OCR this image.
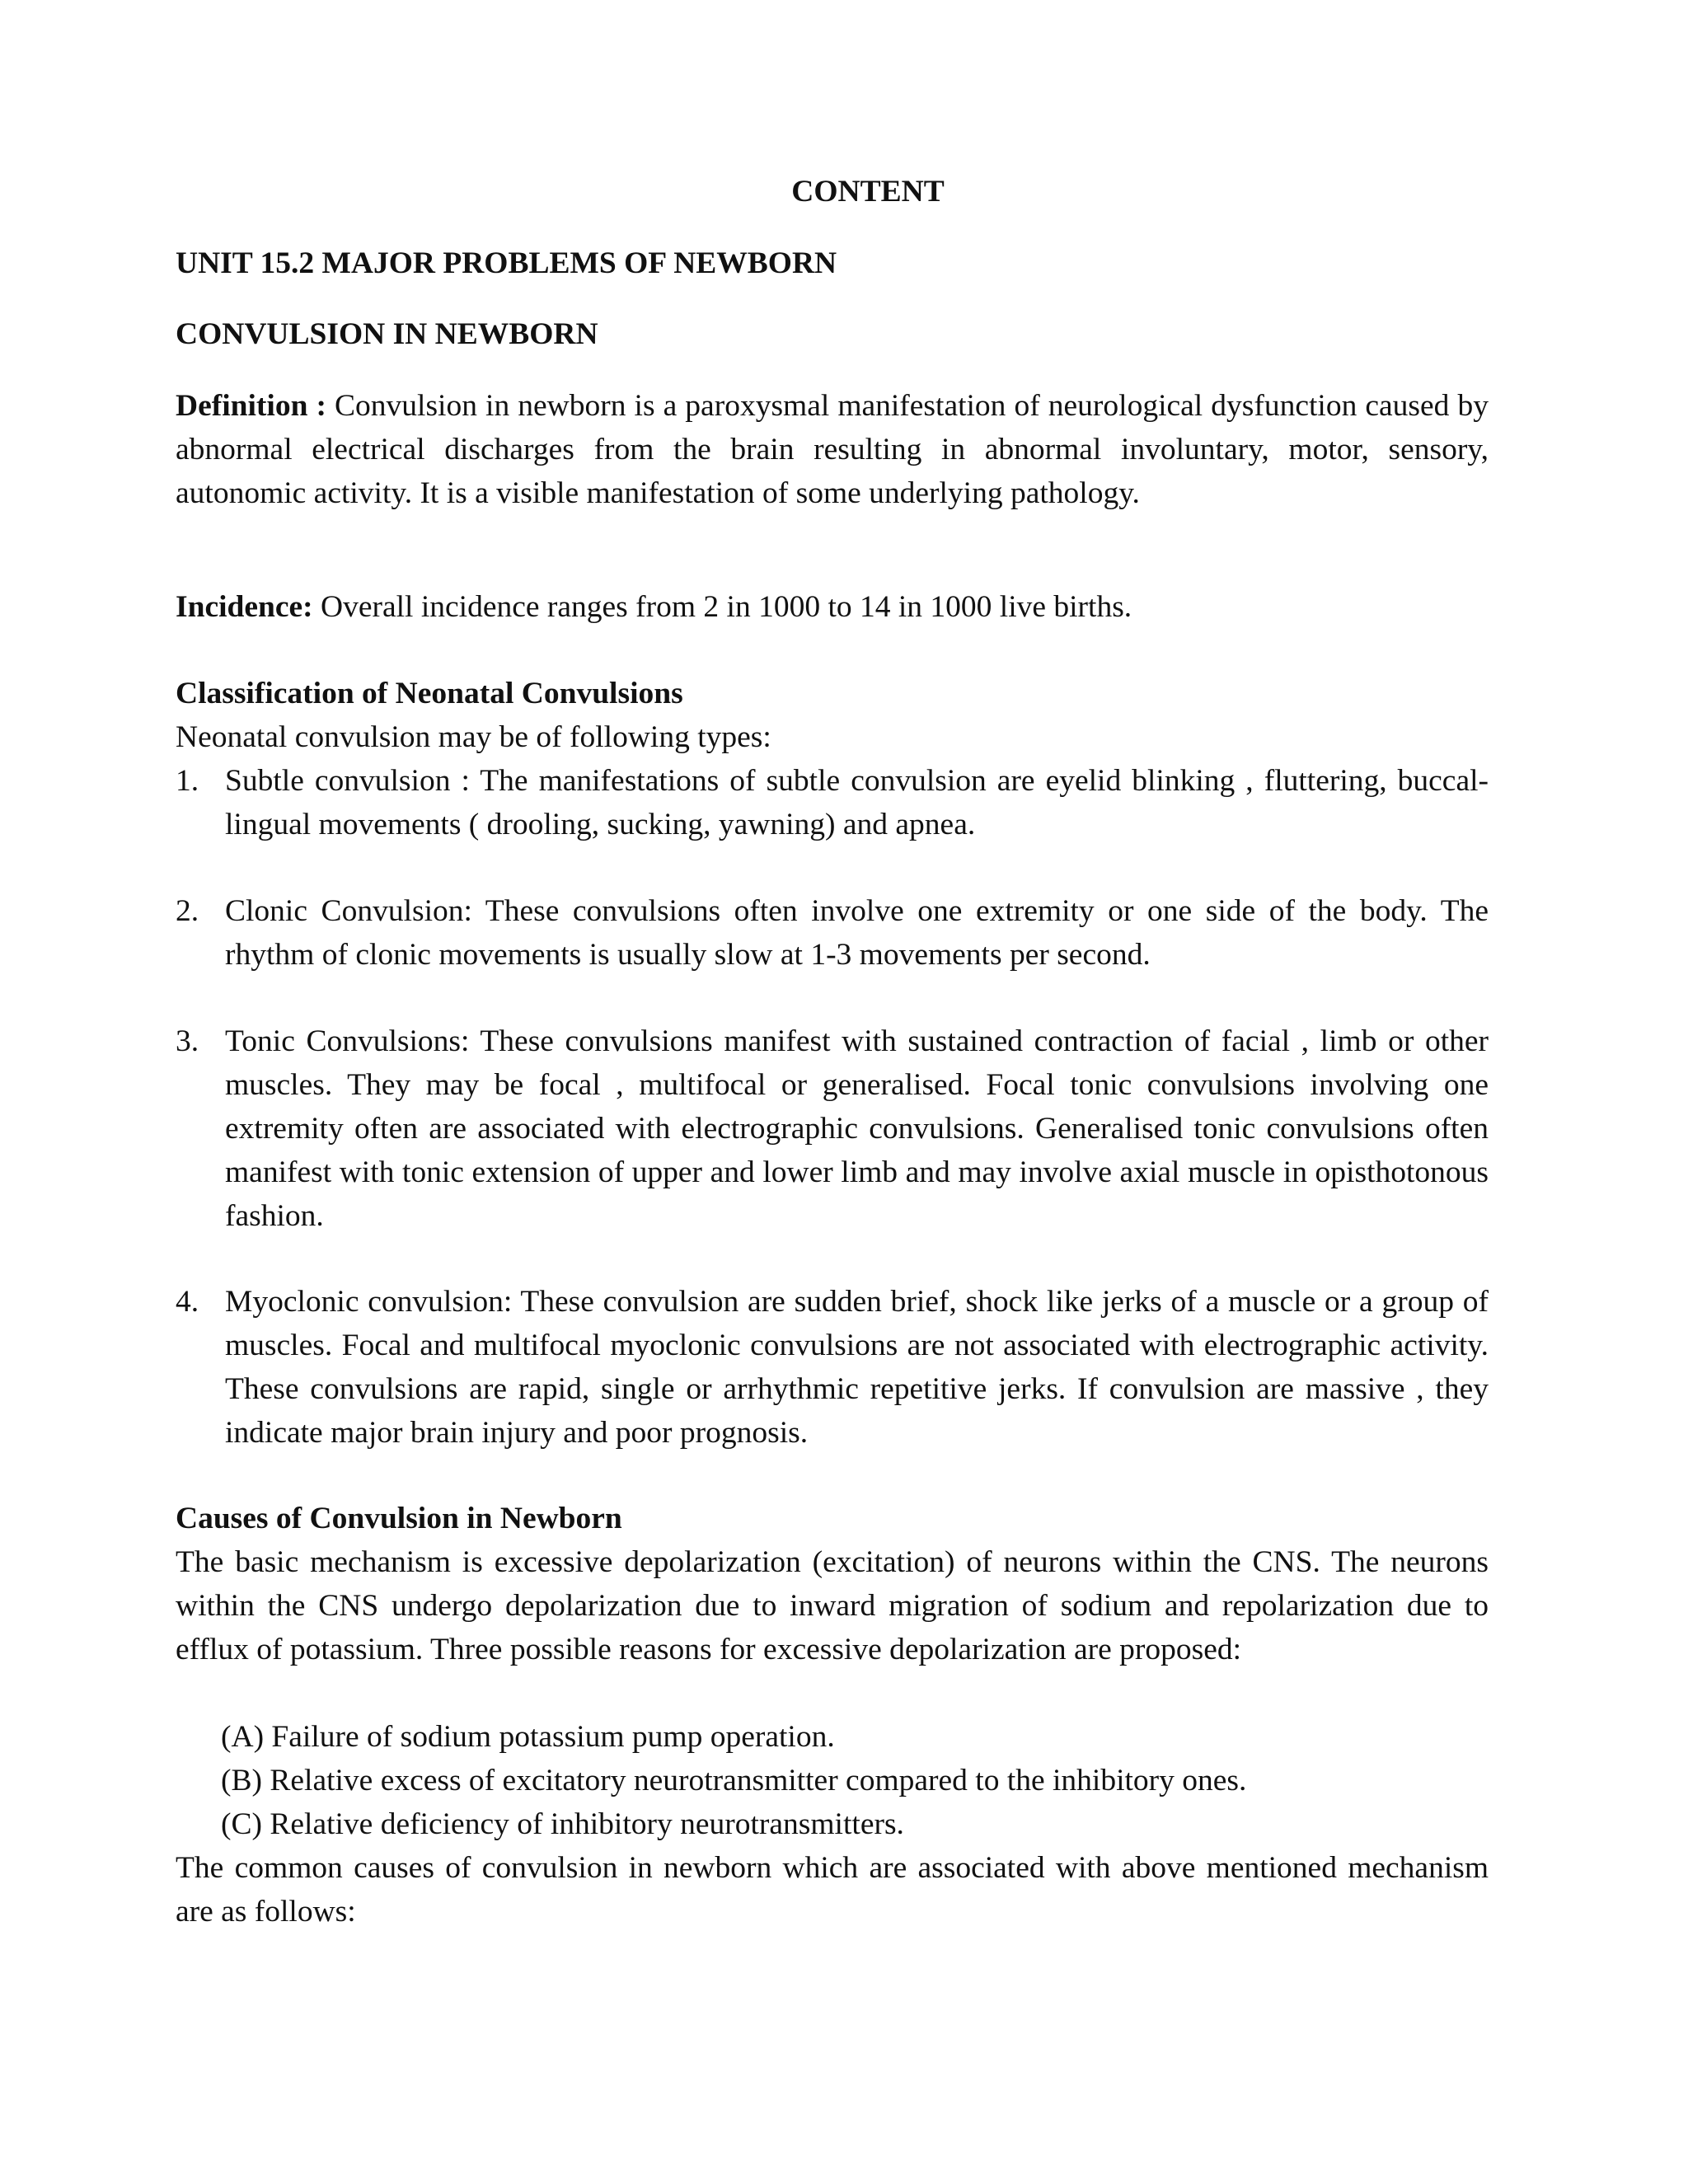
CONTENT
UNIT 15.2 MAJOR PROBLEMS OF NEWBORN
CONVULSION IN NEWBORN
Definition : Convulsion in newborn is a paroxysmal manifestation of neurological dysfunction caused by abnormal electrical discharges from the brain resulting in abnormal involuntary, motor, sensory, autonomic activity. It is a visible manifestation of some underlying pathology.
Incidence: Overall incidence ranges from 2 in 1000 to 14 in 1000 live births.
Classification of Neonatal Convulsions
Neonatal convulsion may be of following types:
1. Subtle convulsion : The manifestations of subtle convulsion are eyelid blinking , fluttering, buccal-lingual movements ( drooling, sucking, yawning) and apnea.
2. Clonic Convulsion: These convulsions often involve one extremity or one side of the body. The rhythm of clonic movements is usually slow at 1-3 movements per second.
3. Tonic Convulsions: These convulsions manifest with sustained contraction of facial , limb or other muscles. They may be focal , multifocal or generalised. Focal tonic convulsions involving one extremity often are associated with electrographic convulsions. Generalised tonic convulsions often manifest with tonic extension of upper and lower limb and may involve axial muscle in opisthotonous fashion.
4. Myoclonic convulsion: These convulsion are sudden brief, shock like jerks of a muscle or a group of muscles. Focal and multifocal myoclonic convulsions are not associated with electrographic activity. These convulsions are rapid, single or arrhythmic repetitive jerks. If convulsion are massive , they indicate major brain injury and poor prognosis.
Causes of Convulsion in Newborn
The basic mechanism is excessive depolarization (excitation) of neurons within the CNS. The neurons within the CNS undergo depolarization due to inward migration of sodium and repolarization due to efflux of potassium. Three possible reasons for excessive depolarization are proposed:
(A) Failure of sodium potassium pump operation.
(B) Relative excess of excitatory neurotransmitter compared to the inhibitory ones.
(C) Relative deficiency of inhibitory neurotransmitters.
The common causes of convulsion in newborn which are associated with above mentioned mechanism are as follows:
